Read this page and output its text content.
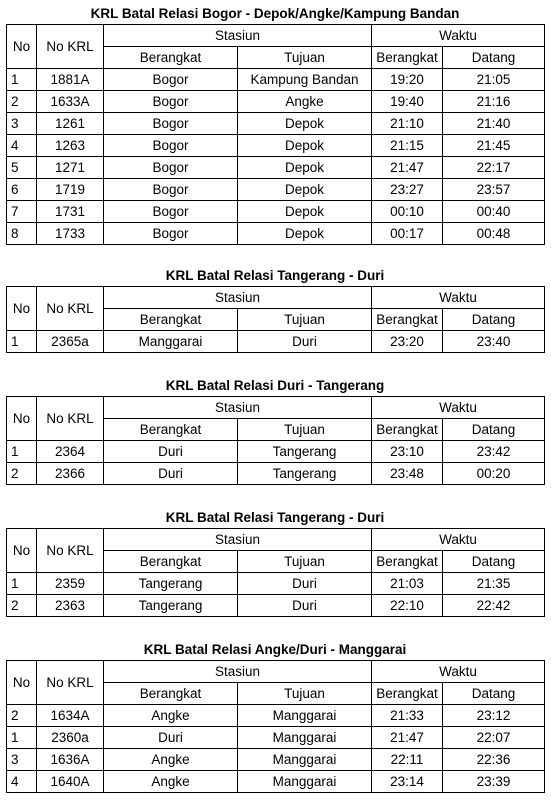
KRL Batal Relasi Bogor - Depok/Angke/Kampung Bandan
No	No KRL	Stasiun		Waktu	
		Berangkat	Tujuan	Berangkat	Datang
1	1881A	Bogor	Kampung Bandan	19:20	21:05
2	1633A	Bogor	Angke	19:40	21:16
3	1261	Bogor	Depok	21:10	21:40
4	1263	Bogor	Depok	21:15	21:45
5	1271	Bogor	Depok	21:47	22:17
6	1719	Bogor	Depok	23:27	23:57
7	1731	Bogor	Depok	00:10	00:40
8	1733	Bogor	Depok	00:17	00:48
KRL Batal Relasi Tangerang - Duri
No	No KRL	Stasiun		Waktu	
		Berangkat	Tujuan	Berangkat	Datang
1	2365a	Manggarai	Duri	23:20	23:40
KRL Batal Relasi Duri - Tangerang
No	No KRL	Stasiun		Waktu	
		Berangkat	Tujuan	Berangkat	Datang
1	2364	Duri	Tangerang	23:10	23:42
2	2366	Duri	Tangerang	23:48	00:20
KRL Batal Relasi Tangerang - Duri
No	No KRL	Stasiun		Waktu	
		Berangkat	Tujuan	Berangkat	Datang
1	2359	Tangerang	Duri	21:03	21:35
2	2363	Tangerang	Duri	22:10	22:42
KRL Batal Relasi Angke/Duri - Manggarai
No	No KRL	Stasiun		Waktu	
		Berangkat	Tujuan	Berangkat	Datang
2	1634A	Angke	Manggarai	21:33	23:12
1	2360a	Duri	Manggarai	21:47	22:07
3	1636A	Angke	Manggarai	22:11	22:36
4	1640A	Angke	Manggarai	23:14	23:39
